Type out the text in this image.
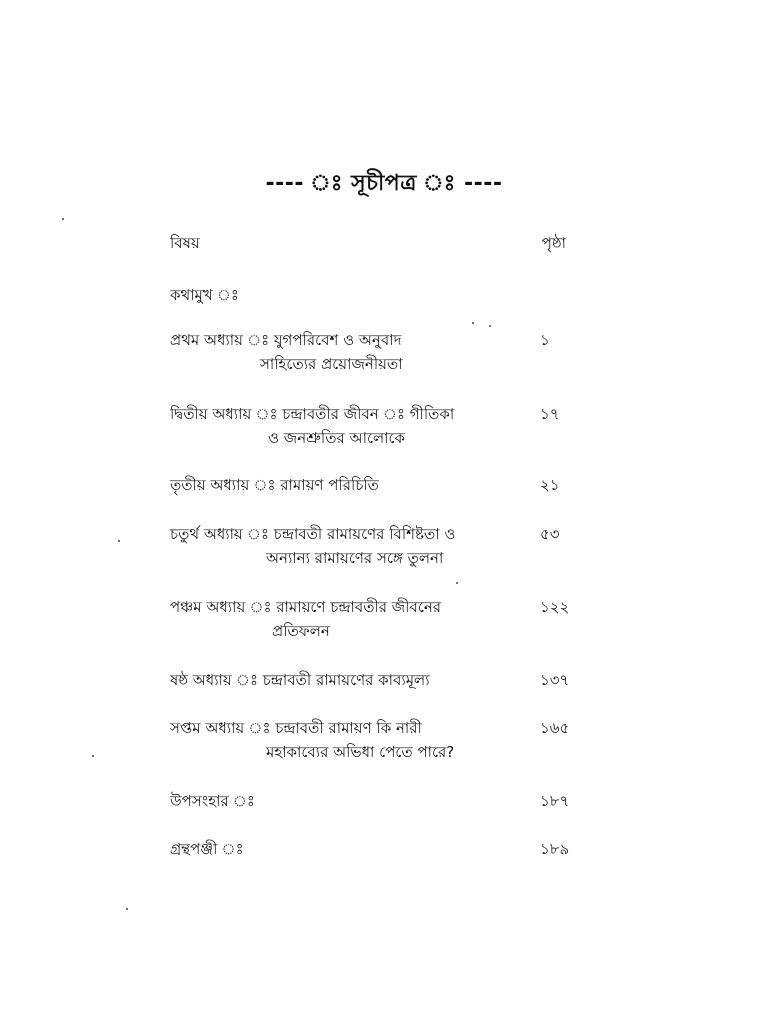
---- ঃ সূচীপত্র ঃ ----
বিষয়	পৃষ্ঠা
কথামুখ ঃ
প্রথম অধ্যায় ঃ যুগপরিবেশ ও অনুবাদ
সাহিত্যের প্রয়োজনীয়তা
১
দ্বিতীয় অধ্যায় ঃ চন্দ্রাবতীর জীবন ঃ গীতিকা
ও জনশ্রুতির আলোকে
১৭
তৃতীয় অধ্যায় ঃ রামায়ণ পরিচিতি	২১
চতুর্থ অধ্যায় ঃ চন্দ্রাবতী রামায়ণের বিশিষ্টতা ও
অন্যান্য রামায়ণের সঙ্গে তুলনা
৫৩
পঞ্চম অধ্যায় ঃ রামায়ণে চন্দ্রাবতীর জীবনের
প্রতিফলন
১২২
ষষ্ঠ অধ্যায় ঃ চন্দ্রাবতী রামায়ণের কাব্যমূল্য	১৩৭
সপ্তম অধ্যায় ঃ চন্দ্রাবতী রামায়ণ কি নারী
মহাকাব্যের অভিধা পেতে পারে?
১৬৫
উপসংহার ঃ	১৮৭
গ্রন্থপঞ্জী ঃ	১৮৯
